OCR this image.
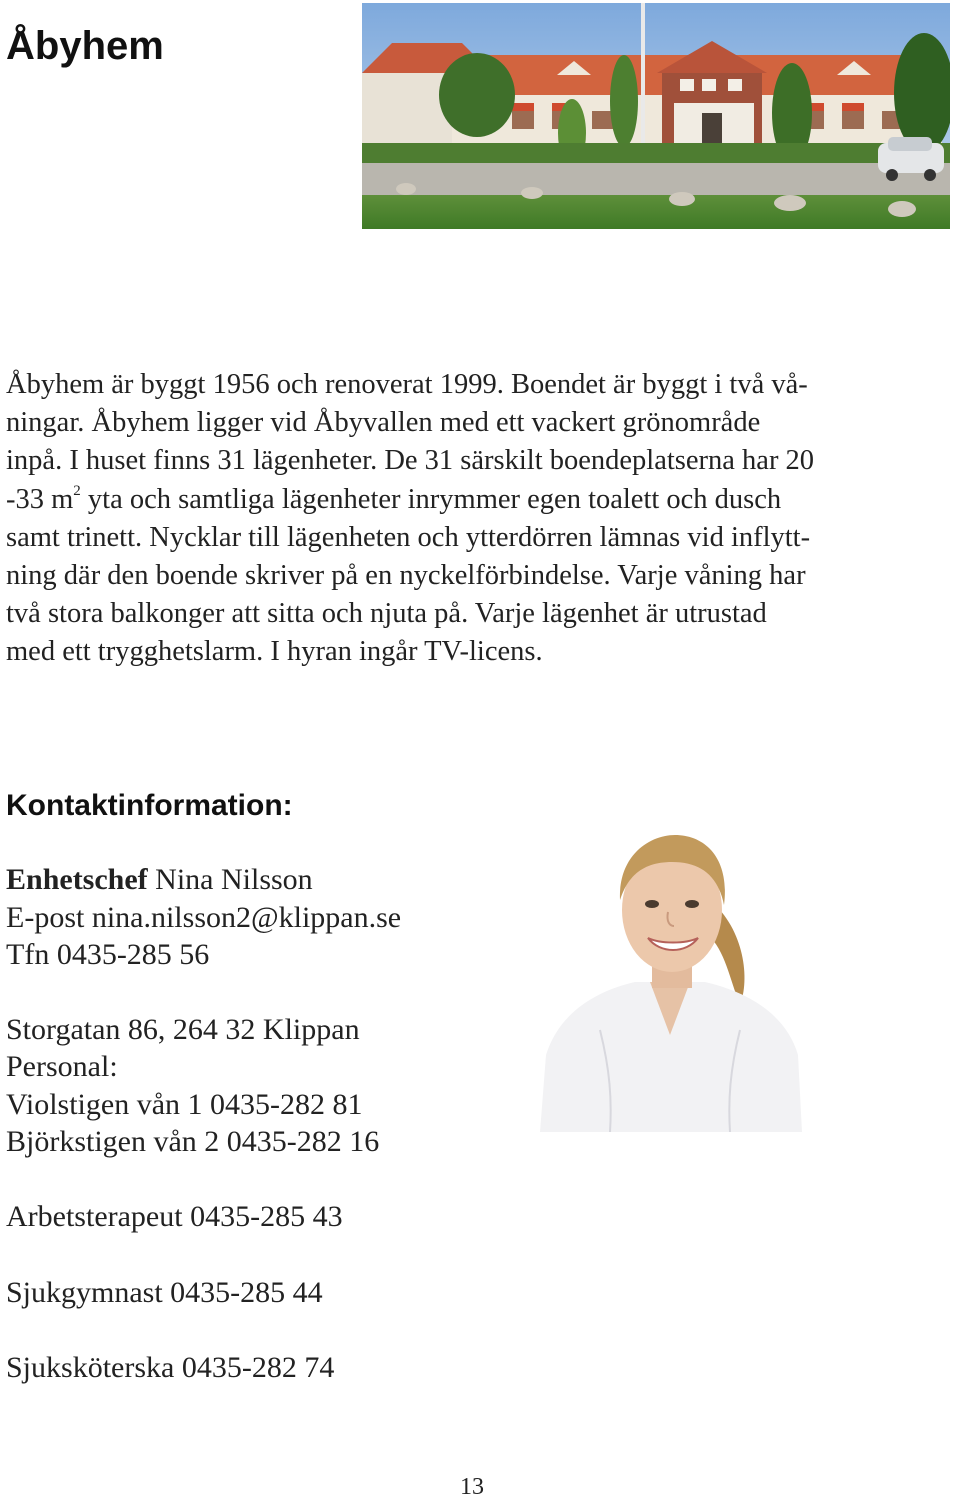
Åbyhem
Åbyhem är byggt 1956 och renoverat 1999. Boendet är byggt i två vå-
ningar. Åbyhem ligger vid Åbyvallen med ett vackert grönområde
inpå. I huset finns 31 lägenheter. De 31 särskilt boendeplatserna har 20
-33 $m^2$ yta och samtliga lägenheter inrymmer egen toalett och dusch
samt trinett. Nycklar till lägenheten och ytterdörren lämnas vid inflytt-
ning där den boende skriver på en nyckelförbindelse. Varje våning har
två stora balkonger att sitta och njuta på. Varje lägenhet är utrustad
med ett trygghetslarm. I hyran ingår TV-licens.
Kontaktinformation:
Enhetschef Nina Nilsson
E-post nina.nilsson2@klippan.se
Tfn 0435-285 56
Storgatan 86, 264 32 Klippan
Personal:
Violstigen vån 1 0435-282 81
Björkstigen vån 2 0435-282 16
Arbetsterapeut 0435-285 43
Sjukgymnast 0435-285 44
Sjuksköterska 0435-282 74
13
